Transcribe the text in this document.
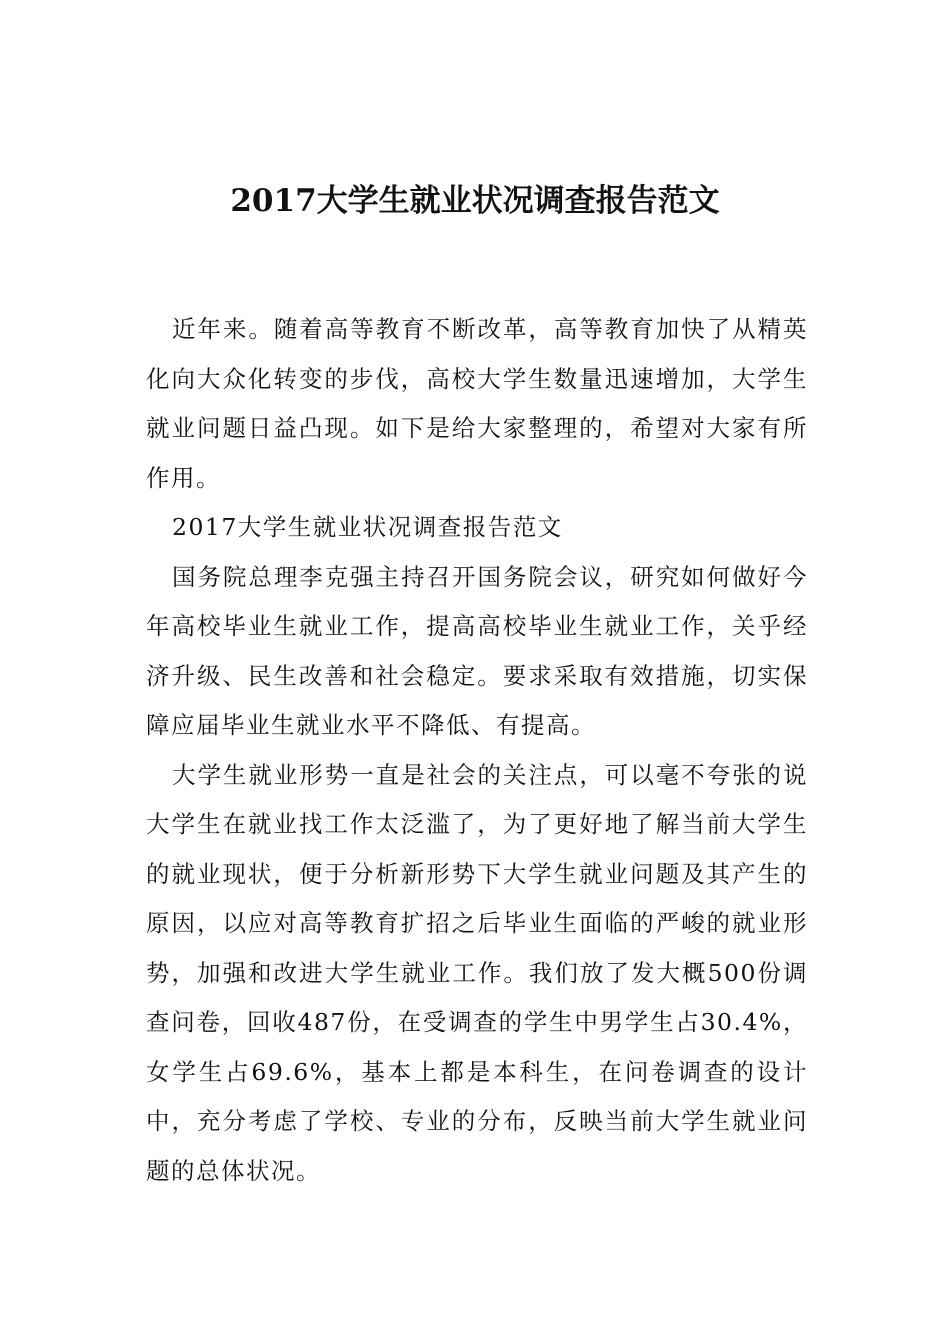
2017大学生就业状况调查报告范文

近年来。随着高等教育不断改革，高等教育加快了从精英化向大众化转变的步伐，高校大学生数量迅速增加，大学生就业问题日益凸现。如下是给大家整理的，希望对大家有所作用。

2017大学生就业状况调查报告范文

国务院总理李克强主持召开国务院会议，研究如何做好今年高校毕业生就业工作，提高高校毕业生就业工作，关乎经济升级、民生改善和社会稳定。要求采取有效措施，切实保障应届毕业生就业水平不降低、有提高。

大学生就业形势一直是社会的关注点，可以毫不夸张的说大学生在就业找工作太泛滥了，为了更好地了解当前大学生的就业现状，便于分析新形势下大学生就业问题及其产生的原因，以应对高等教育扩招之后毕业生面临的严峻的就业形势，加强和改进大学生就业工作。我们放了发大概500份调查问卷，回收487份，在受调查的学生中男学生占30.4%，女学生占69.6%，基本上都是本科生，在问卷调查的设计中，充分考虑了学校、专业的分布，反映当前大学生就业问题的总体状况。
